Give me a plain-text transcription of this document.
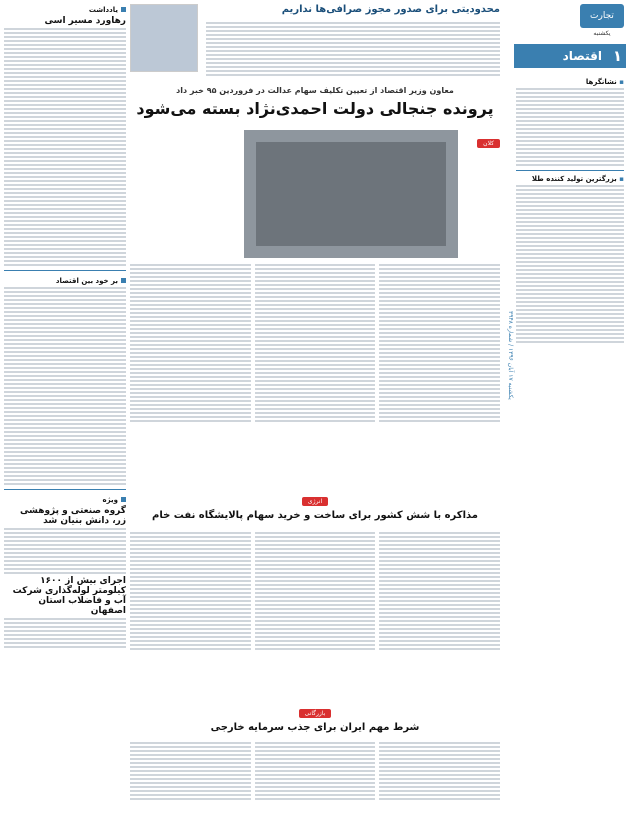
تجارت
یکشنبه
۱
اقتصاد
▪ نشانگرها
▪ بزرگترین تولید کننده طلا
محدودیتی برای صدور مجوز صرافی‌ها نداریم
معاون وزیر اقتصاد از تعیین تکلیف سهام عدالت در فروردین ۹۵ خبر داد
پرونده جنجالی دولت احمدی‌نژاد بسته می‌شود
کلان
یادداشت
رهاورد مسیر اسی
بر خود بین اقتصاد
ویژه
گروه صنعتی و پژوهشی زر، دانش بنیان شد
اجرای بیش از ۱۶۰۰ کیلومتر لوله‌گذاری شرکت آب و فاضلاب استان اصفهان
انرژی
مذاکره با شش کشور برای ساخت و خرید سهام پالایشگاه نفت خام
بازرگانی
شرط مهم ایران برای جذب سرمایه خارجی
یکشنبه ۱۷ آبان ۱۳۹۶ / شماره ۳۹۴۸
